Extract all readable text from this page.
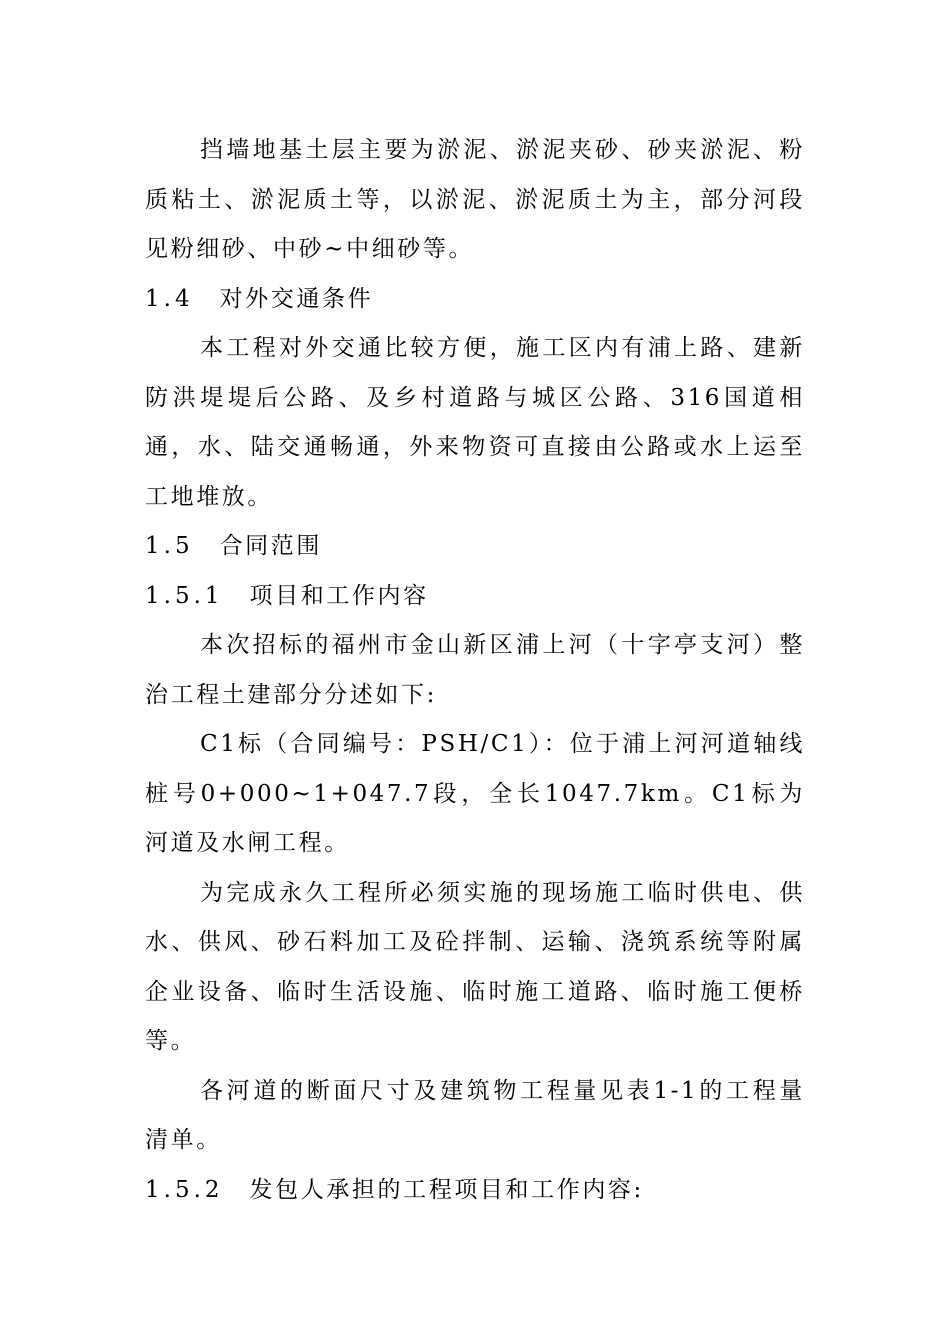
挡墙地基土层主要为淤泥、淤泥夹砂、砂夹淤泥、粉质粘土、淤泥质土等，以淤泥、淤泥质土为主，部分河段见粉细砂、中砂~中细砂等。

1.4 对外交通条件

本工程对外交通比较方便，施工区内有浦上路、建新防洪堤堤后公路、及乡村道路与城区公路、316国道相通，水、陆交通畅通，外来物资可直接由公路或水上运至工地堆放。

1.5 合同范围

1.5.1 项目和工作内容

本次招标的福州市金山新区浦上河（十字亭支河）整治工程土建部分分述如下:

C1标（合同编号：PSH/C1）：位于浦上河河道轴线桩号0+000~1+047.7段，全长1047.7km。C1标为河道及水闸工程。

为完成永久工程所必须实施的现场施工临时供电、供水、供风、砂石料加工及砼拌制、运输、浇筑系统等附属企业设备、临时生活设施、临时施工道路、临时施工便桥等。

各河道的断面尺寸及建筑物工程量见表1-1的工程量清单。

1.5.2 发包人承担的工程项目和工作内容:
